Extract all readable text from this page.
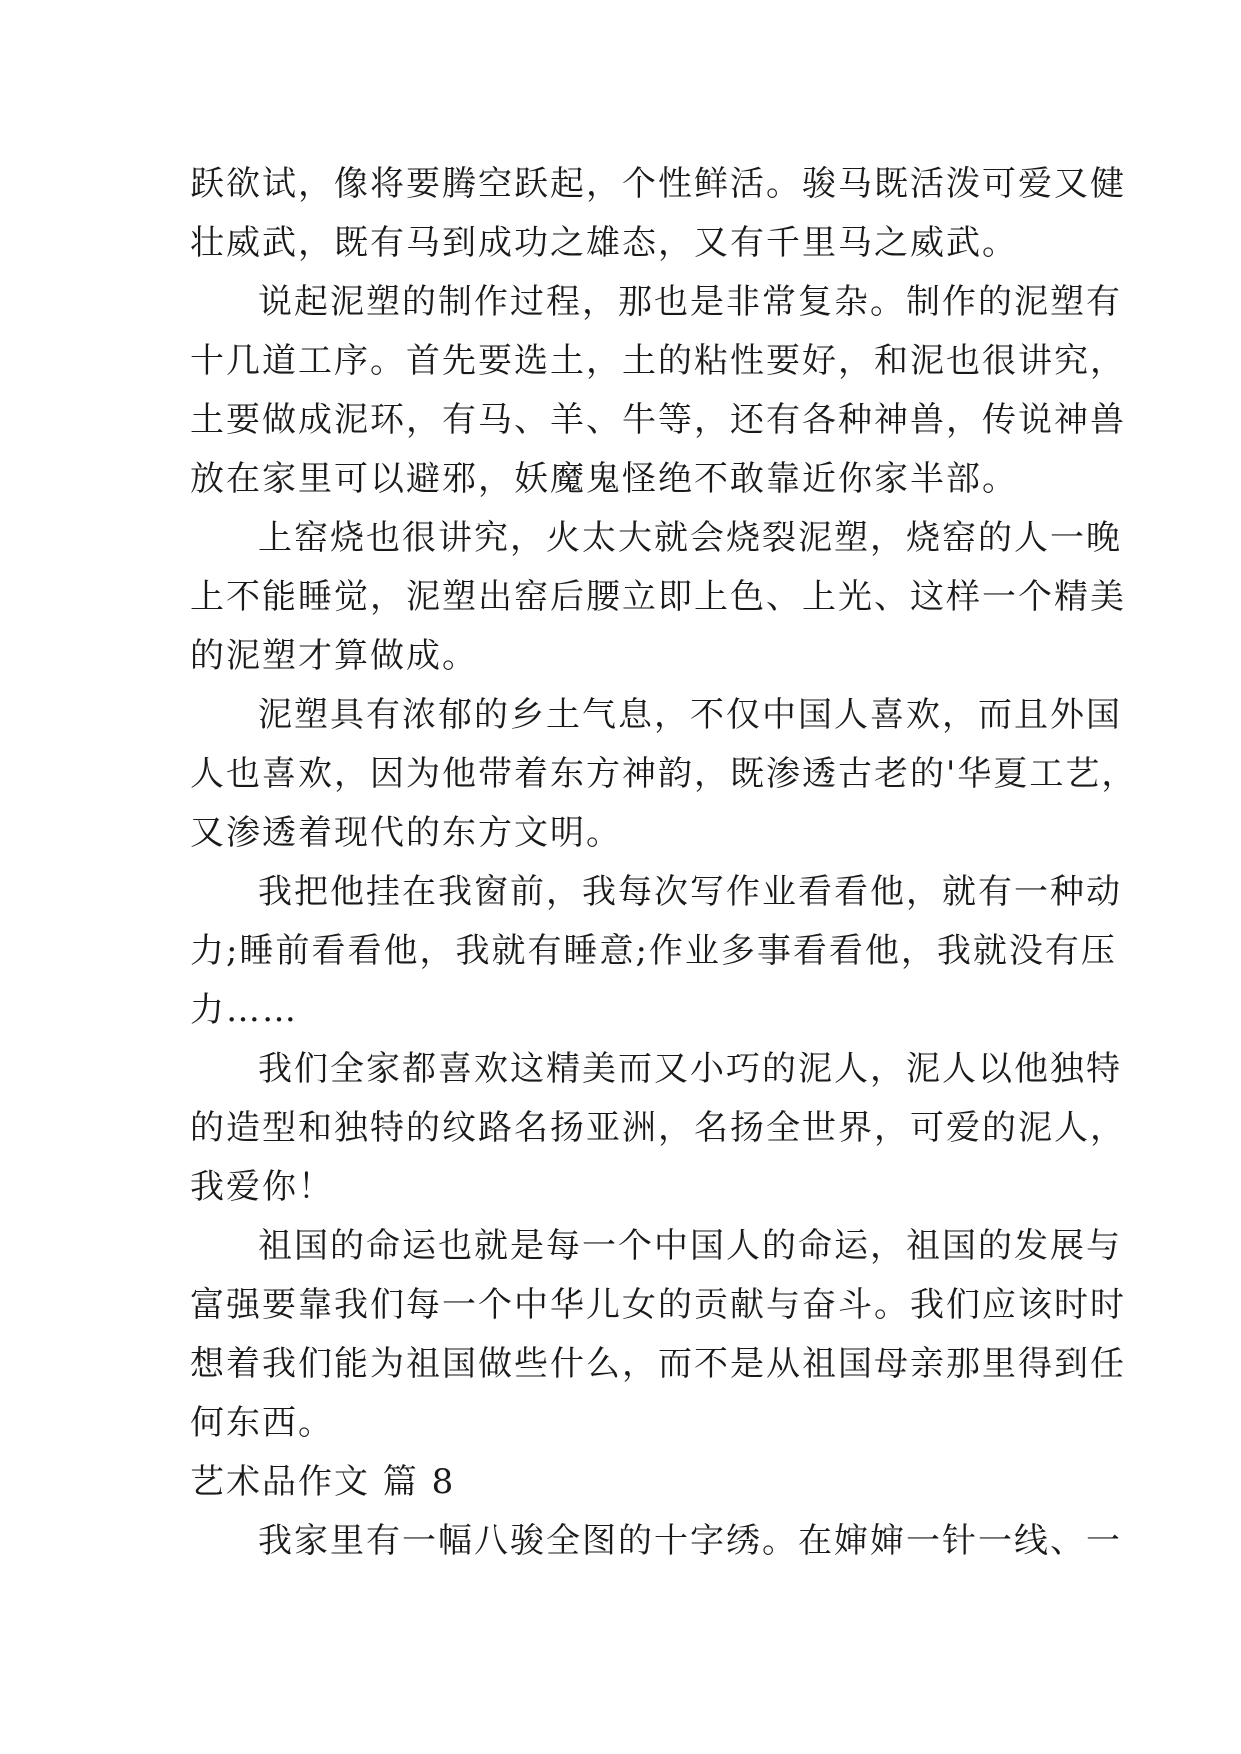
跃欲试，像将要腾空跃起，个性鲜活。骏马既活泼可爱又健
壮威武，既有马到成功之雄态，又有千里马之威武。
说起泥塑的制作过程，那也是非常复杂。制作的泥塑有
十几道工序。首先要选土，土的粘性要好，和泥也很讲究，
土要做成泥环，有马、羊、牛等，还有各种神兽，传说神兽
放在家里可以避邪，妖魔鬼怪绝不敢靠近你家半部。
上窑烧也很讲究，火太大就会烧裂泥塑，烧窑的人一晚
上不能睡觉，泥塑出窑后腰立即上色、上光、这样一个精美
的泥塑才算做成。
泥塑具有浓郁的乡土气息，不仅中国人喜欢，而且外国
人也喜欢，因为他带着东方神韵，既渗透古老的'华夏工艺，
又渗透着现代的东方文明。
我把他挂在我窗前，我每次写作业看看他，就有一种动
力;睡前看看他，我就有睡意;作业多事看看他，我就没有压
力……
我们全家都喜欢这精美而又小巧的泥人，泥人以他独特
的造型和独特的纹路名扬亚洲，名扬全世界，可爱的泥人，
我爱你！
祖国的命运也就是每一个中国人的命运，祖国的发展与
富强要靠我们每一个中华儿女的贡献与奋斗。我们应该时时
想着我们能为祖国做些什么，而不是从祖国母亲那里得到任
何东西。
艺术品作文 篇 8
我家里有一幅八骏全图的十字绣。在婶婶一针一线、一
